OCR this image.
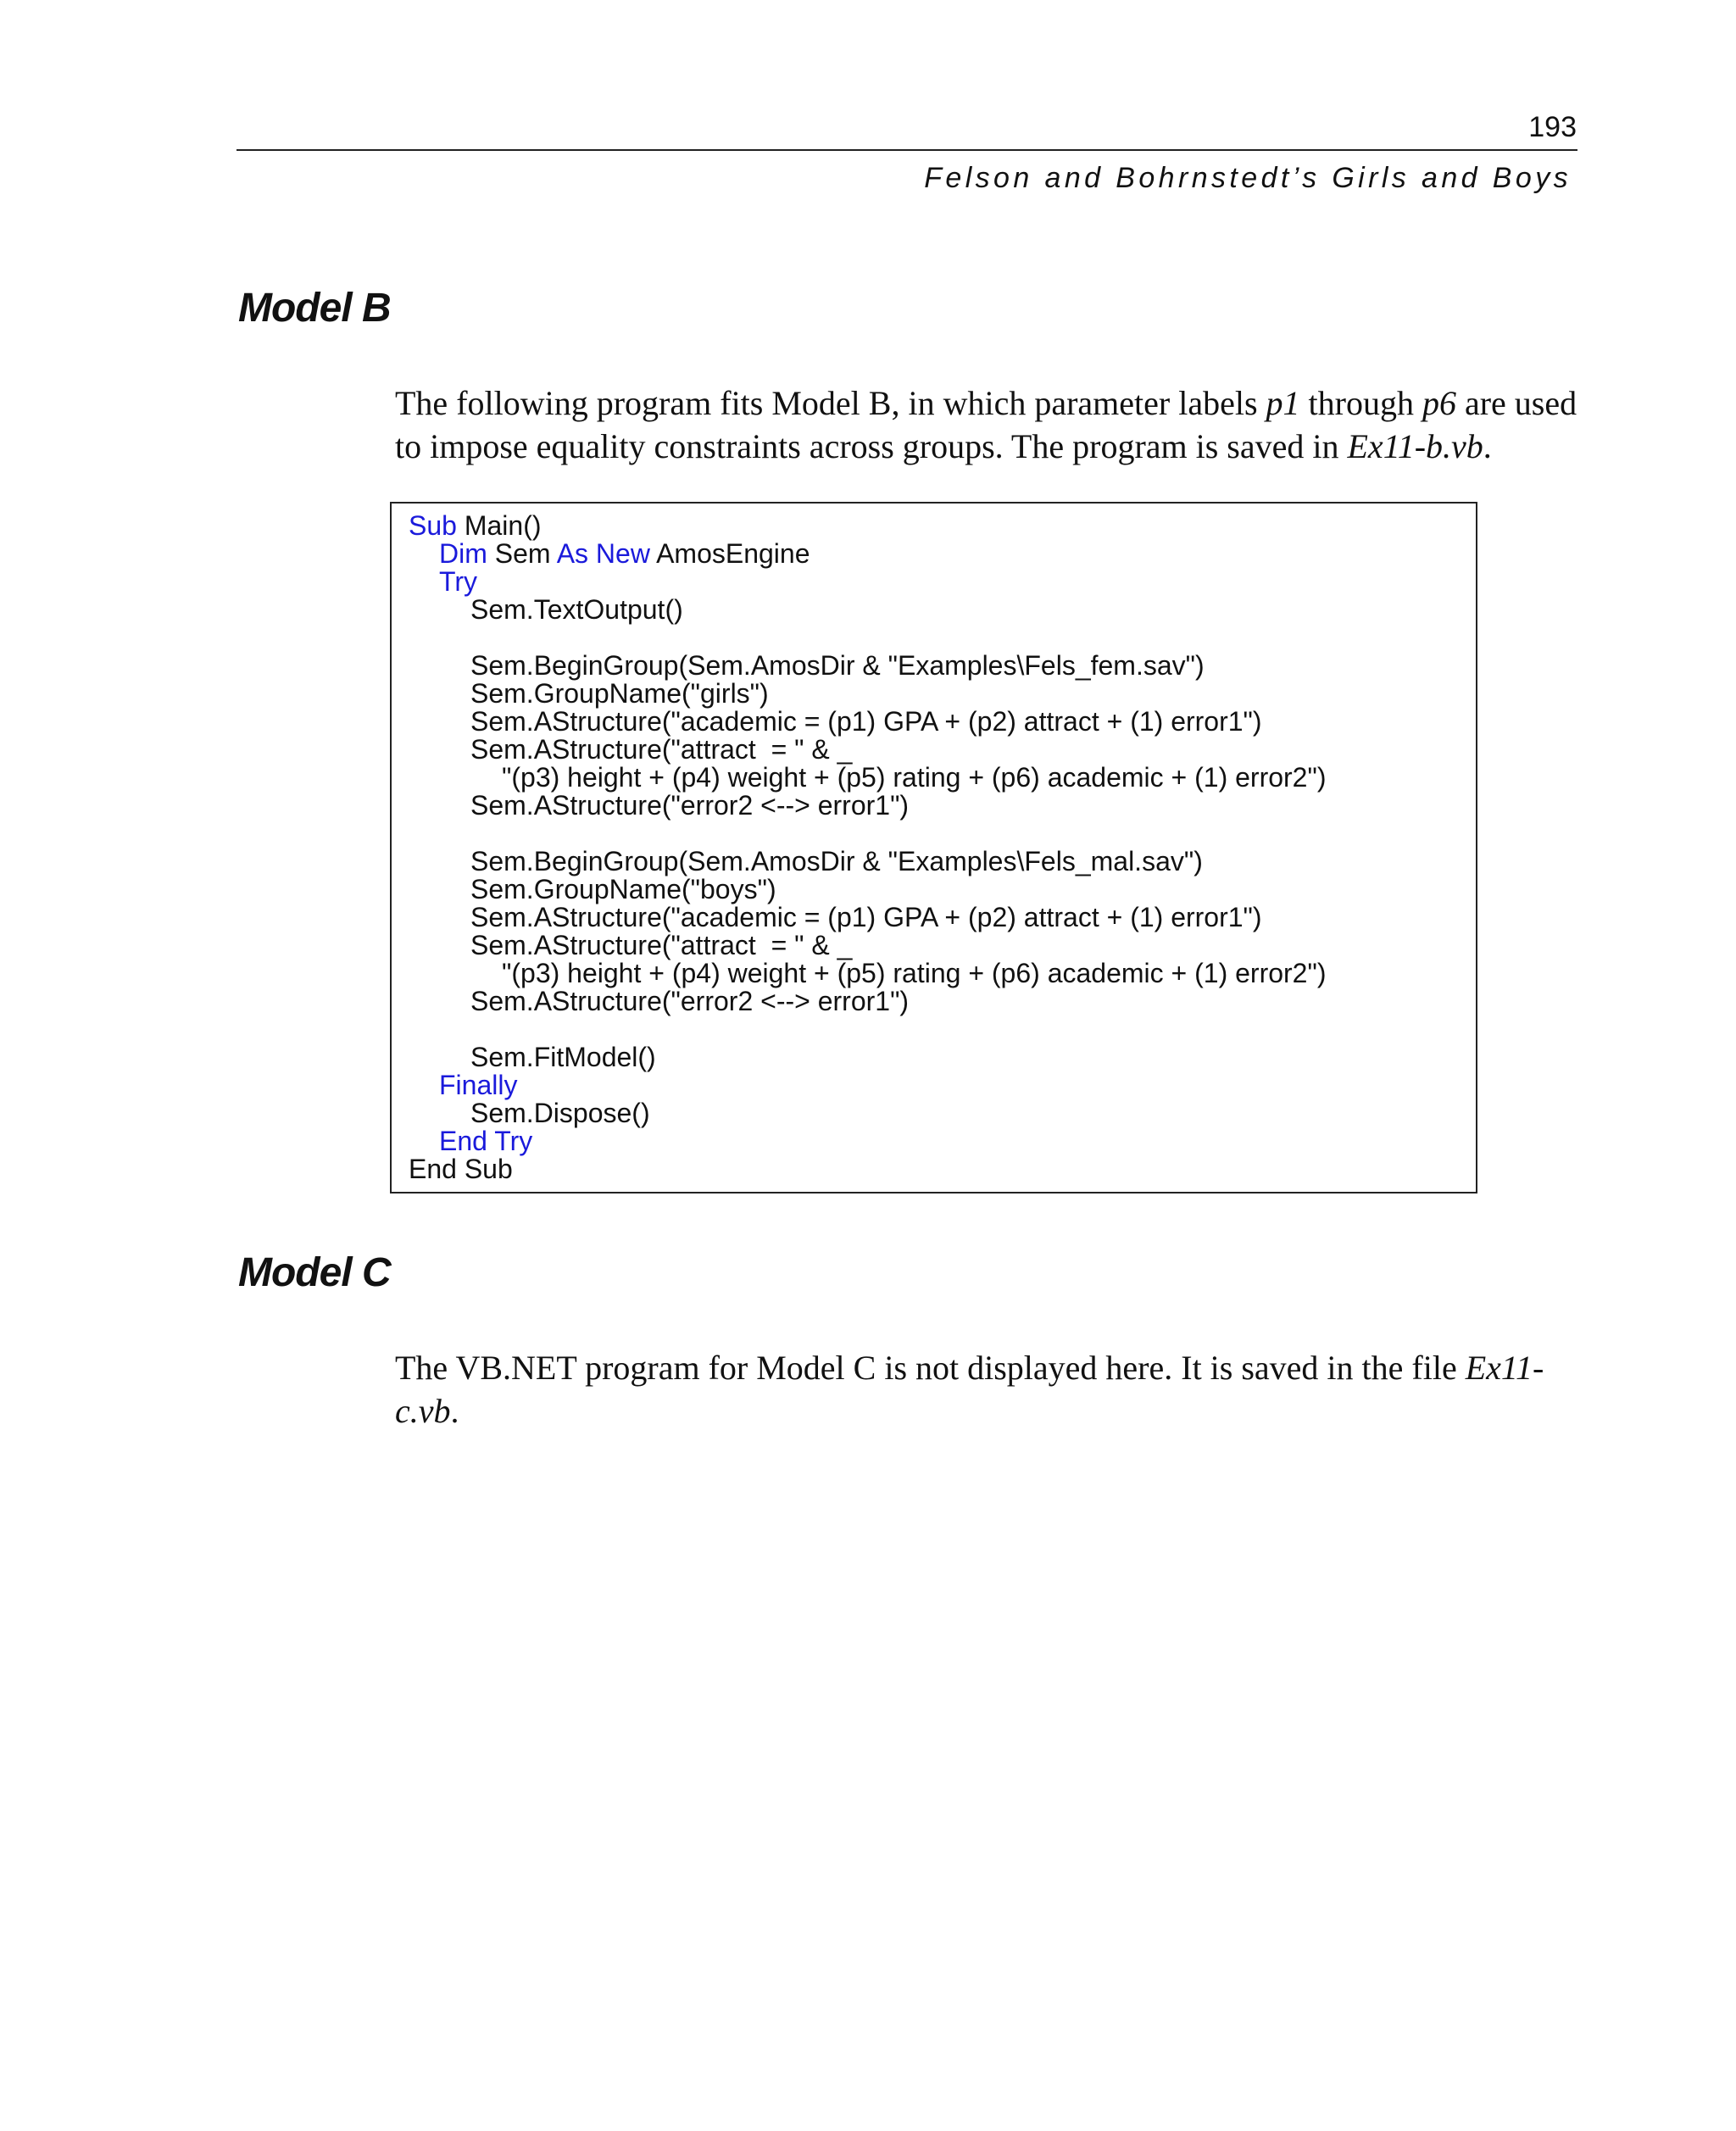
193
Felson and Bohrnstedt’s Girls and Boys
Model B

The following program fits Model B, in which parameter labels p1 through p6 are used to impose equality constraints across groups. The program is saved in Ex11-b.vb.

Sub Main()
Dim Sem As New AmosEngine
Try
Sem.TextOutput()
Sem.BeginGroup(Sem.AmosDir & "Examples\Fels_fem.sav")
Sem.GroupName("girls")
Sem.AStructure("academic = (p1) GPA + (p2) attract + (1) error1")
Sem.AStructure("attract  = " & _
"(p3) height + (p4) weight + (p5) rating + (p6) academic + (1) error2")
Sem.AStructure("error2 <--> error1")
Sem.BeginGroup(Sem.AmosDir & "Examples\Fels_mal.sav")
Sem.GroupName("boys")
Sem.AStructure("academic = (p1) GPA + (p2) attract + (1) error1")
Sem.AStructure("attract  = " & _
"(p3) height + (p4) weight + (p5) rating + (p6) academic + (1) error2")
Sem.AStructure("error2 <--> error1")
Sem.FitModel()
Finally
Sem.Dispose()
End Try
End Sub
Model C

The VB.NET program for Model C is not displayed here. It is saved in the file Ex11-c.vb.
